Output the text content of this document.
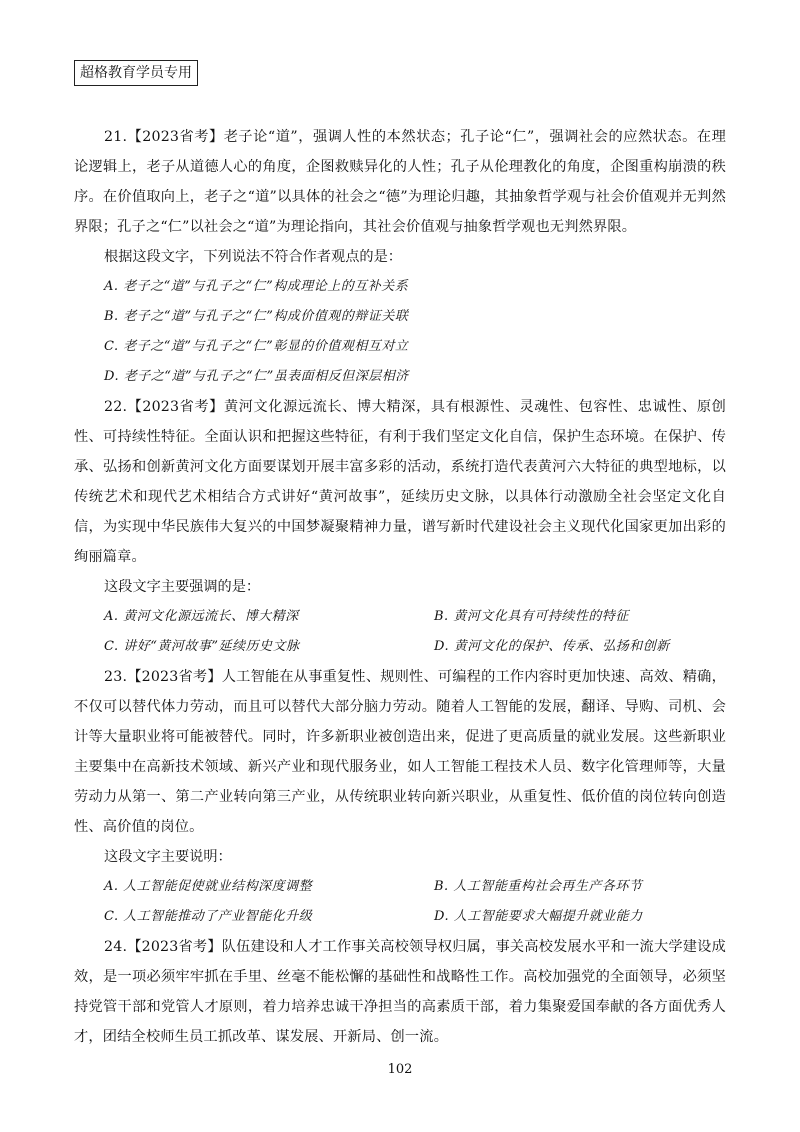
超格教育学员专用

21.【2023省考】老子论“道”，强调人性的本然状态；孔子论“仁”，强调社会的应然状态。在理论逻辑上，老子从道德人心的角度，企图救赎异化的人性；孔子从伦理教化的角度，企图重构崩溃的秩序。在价值取向上，老子之“道”以具体的社会之“德”为理论归趣，其抽象哲学观与社会价值观并无判然界限；孔子之“仁”以社会之“道”为理论指向，其社会价值观与抽象哲学观也无判然界限。

根据这段文字，下列说法不符合作者观点的是：

A. 老子之“道”与孔子之“仁”构成理论上的互补关系

B. 老子之“道”与孔子之“仁”构成价值观的辩证关联

C. 老子之“道”与孔子之“仁”彰显的价值观相互对立

D. 老子之“道”与孔子之“仁”虽表面相反但深层相济

22.【2023省考】黄河文化源远流长、博大精深，具有根源性、灵魂性、包容性、忠诚性、原创性、可持续性特征。全面认识和把握这些特征，有利于我们坚定文化自信，保护生态环境。在保护、传承、弘扬和创新黄河文化方面要谋划开展丰富多彩的活动，系统打造代表黄河六大特征的典型地标，以传统艺术和现代艺术相结合方式讲好“黄河故事”，延续历史文脉，以具体行动激励全社会坚定文化自信，为实现中华民族伟大复兴的中国梦凝聚精神力量，谱写新时代建设社会主义现代化国家更加出彩的绚丽篇章。

这段文字主要强调的是：

A. 黄河文化源远流长、博大精深	B. 黄河文化具有可持续性的特征
C. 讲好“黄河故事”延续历史文脉	D. 黄河文化的保护、传承、弘扬和创新

23.【2023省考】人工智能在从事重复性、规则性、可编程的工作内容时更加快速、高效、精确，不仅可以替代体力劳动，而且可以替代大部分脑力劳动。随着人工智能的发展，翻译、导购、司机、会计等大量职业将可能被替代。同时，许多新职业被创造出来，促进了更高质量的就业发展。这些新职业主要集中在高新技术领域、新兴产业和现代服务业，如人工智能工程技术人员、数字化管理师等，大量劳动力从第一、第二产业转向第三产业，从传统职业转向新兴职业，从重复性、低价值的岗位转向创造性、高价值的岗位。

这段文字主要说明：

A. 人工智能促使就业结构深度调整	B. 人工智能重构社会再生产各环节
C. 人工智能推动了产业智能化升级	D. 人工智能要求大幅提升就业能力

24.【2023省考】队伍建设和人才工作事关高校领导权归属，事关高校发展水平和一流大学建设成效，是一项必须牢牢抓在手里、丝毫不能松懈的基础性和战略性工作。高校加强党的全面领导，必须坚持党管干部和党管人才原则，着力培养忠诚干净担当的高素质干部，着力集聚爱国奉献的各方面优秀人才，团结全校师生员工抓改革、谋发展、开新局、创一流。

102
